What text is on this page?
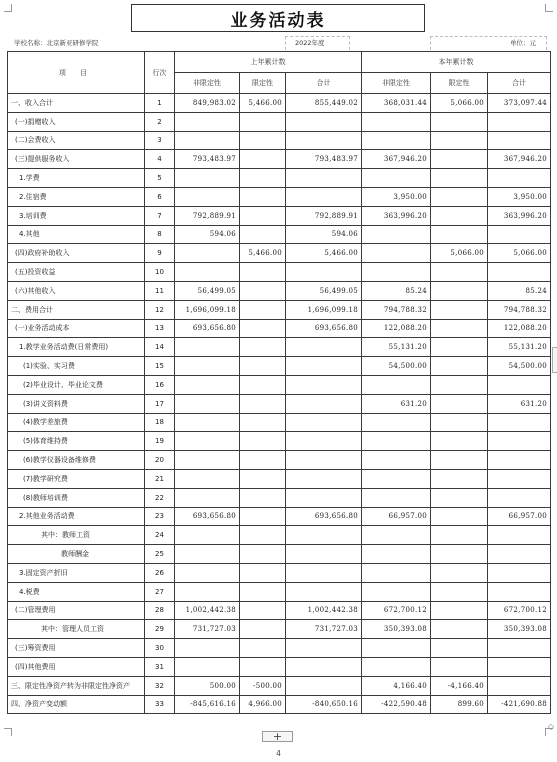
业务活动表
学校名称：北京新亚研修学院	2022年度	单位：元
项 目	行次	上年累计数			本年累计数		
		非限定性	限定性	合计	非限定性	限定性	合计
一、收入合计	1	849,983.02	5,466.00	855,449.02	368,031.44	5,066.00	373,097.44
(一)捐赠收入	2						
(二)会费收入	3						
(三)提供服务收入	4	793,483.97		793,483.97	367,946.20		367,946.20
1.学费	5						
2.住宿费	6				3,950.00		3,950.00
3.培训费	7	792,889.91		792,889.91	363,996.20		363,996.20
4.其他	8	594.06		594.06			
(四)政府补助收入	9		5,466.00	5,466.00		5,066.00	5,066.00
(五)投资收益	10						
(六)其他收入	11	56,499.05		56,499.05	85.24		85.24
二、费用合计	12	1,696,099.18		1,696,099.18	794,788.32		794,788.32
(一)业务活动成本	13	693,656.80		693,656.80	122,088.20		122,088.20
1.教学业务活动费(日常费用)	14				55,131.20		55,131.20
(1)实验、实习费	15				54,500.00		54,500.00
(2)毕业设计、毕业论文费	16						
(3)讲义资料费	17				631.20		631.20
(4)教学差旅费	18						
(5)体育维持费	19						
(6)教学仪器设备维修费	20						
(7)教学研究费	21						
(8)教师培训费	22						
2.其他业务活动费	23	693,656.80		693,656.80	66,957.00		66,957.00
其中：教师工资	24						
教师酬金	25						
3.固定资产折旧	26						
4.税费	27						
(二)管理费用	28	1,002,442.38		1,002,442.38	672,700.12		672,700.12
其中：管理人员工资	29	731,727.03		731,727.03	350,393.08		350,393.08
(三)筹资费用	30						
(四)其他费用	31						
三、限定性净资产转为非限定性净资产	32	500.00	-500.00		4,166.40	-4,166.40	
四、净资产变动额	33	-845,616.16	4,966.00	-840,650.16	-422,590.48	899.60	-421,690.88
◇
+
4
